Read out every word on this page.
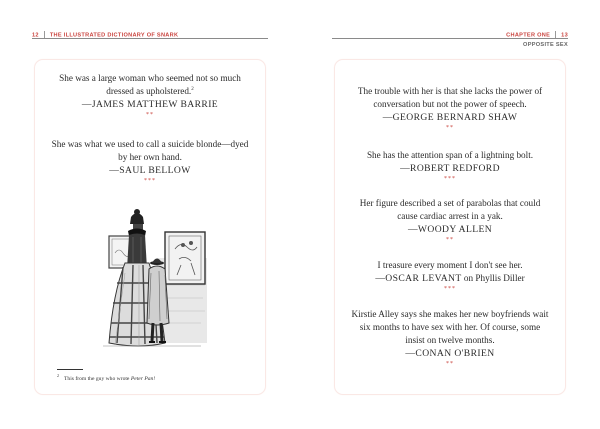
12 THE ILLUSTRATED DICTIONARY OF SNARK
She was a large woman who seemed not so much
dressed as upholstered.$^2$
—JAMES MATTHEW BARRIE
**
She was what we used to call a suicide blonde—dyed
by her own hand.
—SAUL BELLOW
***
$^2$This from the guy who wrote Peter Pan!
CHAPTER ONE 13
OPPOSITE SEX
The trouble with her is that she lacks the power of
conversation but not the power of speech.
—GEORGE BERNARD SHAW
**
She has the attention span of a lightning bolt.
—ROBERT REDFORD
***
Her figure described a set of parabolas that could
cause cardiac arrest in a yak.
—WOODY ALLEN
**
I treasure every moment I don't see her.
—OSCAR LEVANT on Phyllis Diller
***
Kirstie Alley says she makes her new boyfriends wait
six months to have sex with her. Of course, some
insist on twelve months.
—CONAN O'BRIEN
**
